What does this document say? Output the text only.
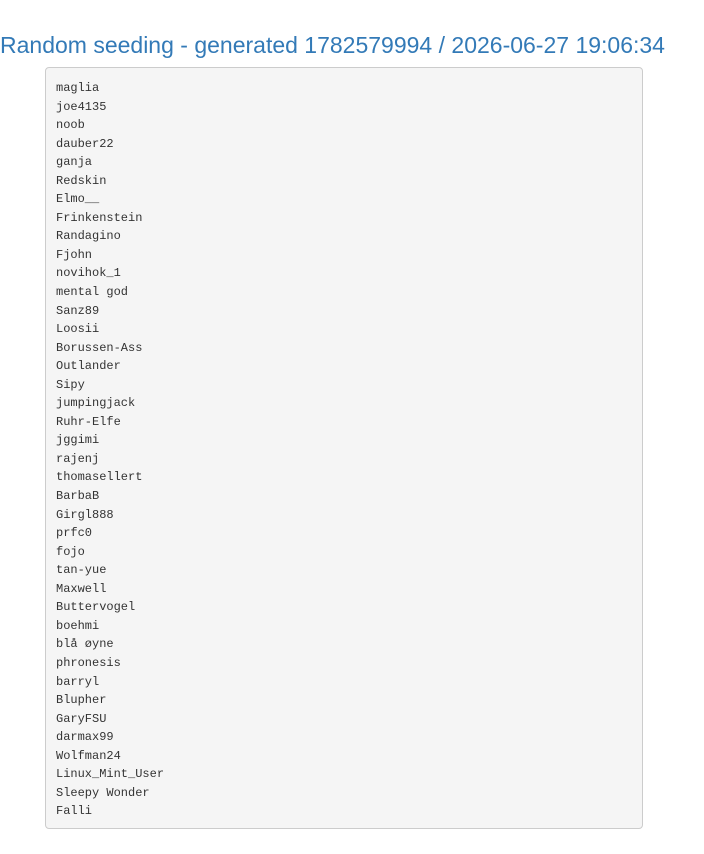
Random seeding - generated 1782579994 / 2026-06-27 19:06:34
maglia
joe4135
noob
dauber22
ganja
Redskin
Elmo__
Frinkenstein
Randagino
Fjohn
novihok_1
mental god
Sanz89
Loosii
Borussen-Ass
Outlander
Sipy
jumpingjack
Ruhr-Elfe
jggimi
rajenj
thomasellert
BarbaB
Girgl888
prfc0
fojo
tan-yue
Maxwell
Buttervogel
boehmi
blå øyne
phronesis
barryl
Blupher
GaryFSU
darmax99
Wolfman24
Linux_Mint_User
Sleepy Wonder
Falli
